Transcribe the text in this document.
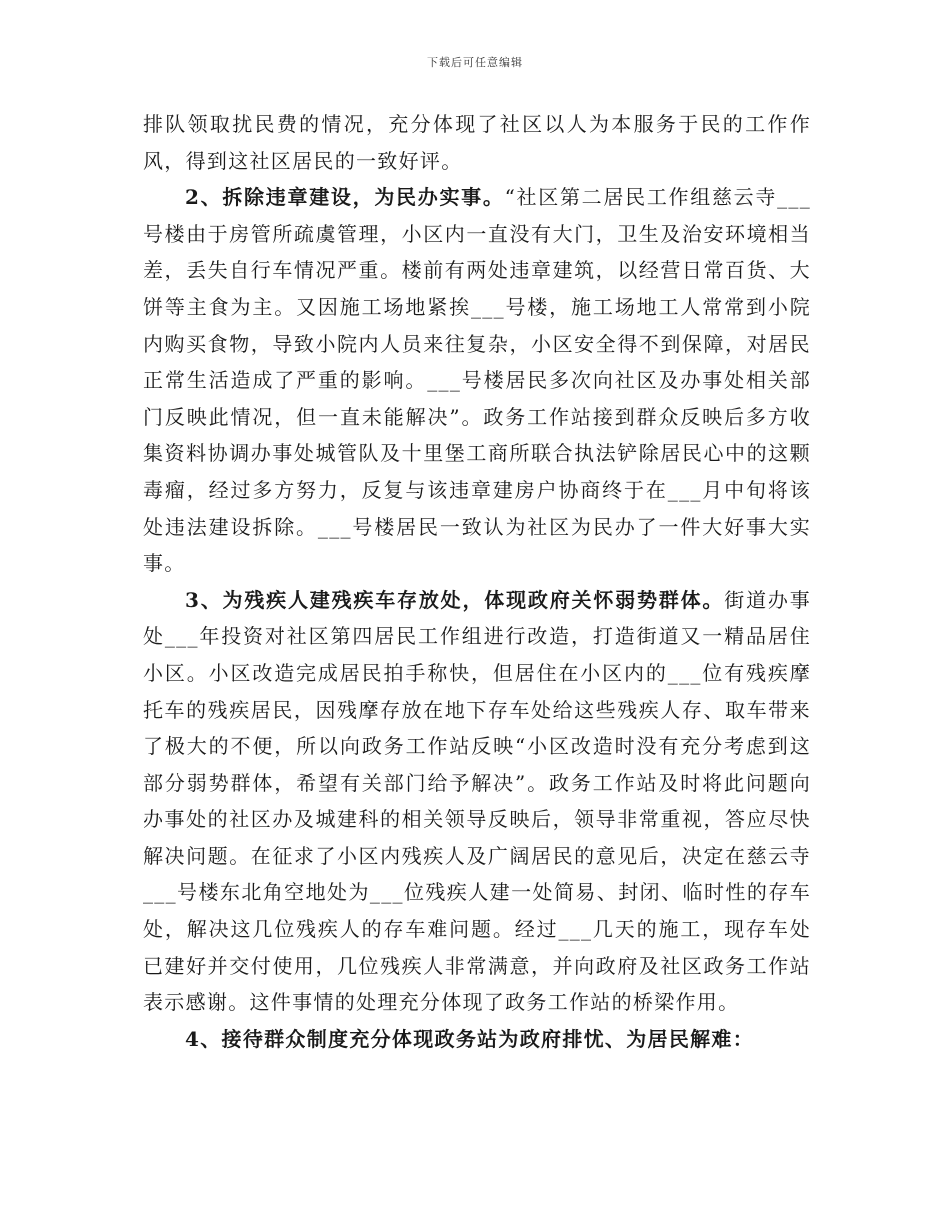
下载后可任意编辑

排队领取扰民费的情况，充分体现了社区以人为本服务于民的工作作风，得到这社区居民的一致好评。

2、拆除违章建设，为民办实事。“社区第二居民工作组慈云寺___号楼由于房管所疏虞管理，小区内一直没有大门，卫生及治安环境相当差，丢失自行车情况严重。楼前有两处违章建筑，以经营日常百货、大饼等主食为主。又因施工场地紧挨___号楼，施工场地工人常常到小院内购买食物，导致小院内人员来往复杂，小区安全得不到保障，对居民正常生活造成了严重的影响。___号楼居民多次向社区及办事处相关部门反映此情况，但一直未能解决”。政务工作站接到群众反映后多方收集资料协调办事处城管队及十里堡工商所联合执法铲除居民心中的这颗毒瘤，经过多方努力，反复与该违章建房户协商终于在___月中旬将该处违法建设拆除。___号楼居民一致认为社区为民办了一件大好事大实事。

3、为残疾人建残疾车存放处，体现政府关怀弱势群体。街道办事处___年投资对社区第四居民工作组进行改造，打造街道又一精品居住小区。小区改造完成居民拍手称快，但居住在小区内的___位有残疾摩托车的残疾居民，因残摩存放在地下存车处给这些残疾人存、取车带来了极大的不便，所以向政务工作站反映“小区改造时没有充分考虑到这部分弱势群体，希望有关部门给予解决”。政务工作站及时将此问题向办事处的社区办及城建科的相关领导反映后，领导非常重视，答应尽快解决问题。在征求了小区内残疾人及广阔居民的意见后，决定在慈云寺___号楼东北角空地处为___位残疾人建一处简易、封闭、临时性的存车处，解决这几位残疾人的存车难问题。经过___几天的施工，现存车处已建好并交付使用，几位残疾人非常满意，并向政府及社区政务工作站表示感谢。这件事情的处理充分体现了政务工作站的桥梁作用。

4、接待群众制度充分体现政务站为政府排忧、为居民解难：
